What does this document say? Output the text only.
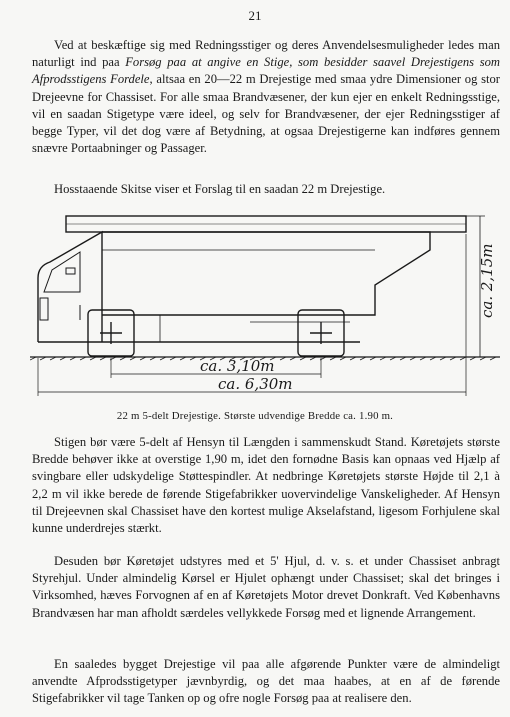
21

Ved at beskæftige sig med Redningsstiger og deres Anvendelsesmuligheder ledes man naturligt ind paa Forsøg paa at angive en Stige, som besidder saavel Drejestigens som Afprodsstigens Fordele, altsaa en 20—22 m Drejestige med smaa ydre Dimensioner og stor Drejeevne for Chassiset. For alle smaa Brandvæsener, der kun ejer en enkelt Redningsstige, vil en saadan Stigetype være ideel, og selv for Brandvæsener, der ejer Redningsstiger af begge Typer, vil det dog være af Betydning, at ogsaa Drejestigerne kan indføres gennem snævre Portaabninger og Passager.

Hosstaaende Skitse viser et Forslag til en saadan 22 m Drejestige.

ca. 3,10m
ca. 6,30m
ca. 2,15m
22 m 5-delt Drejestige. Største udvendige Bredde ca. 1.90 m.

Stigen bør være 5-delt af Hensyn til Længden i sammenskudt Stand. Køretøjets største Bredde behøver ikke at overstige 1,90 m, idet den fornødne Basis kan opnaas ved Hjælp af svingbare eller udskydelige Støttespindler. At nedbringe Køretøjets største Højde til 2,1 à 2,2 m vil ikke berede de førende Stigefabrikker uovervindelige Vanskeligheder. Af Hensyn til Drejeevnen skal Chassiset have den kortest mulige Akselafstand, ligesom Forhjulene skal kunne underdrejes stærkt.

Desuden bør Køretøjet udstyres med et 5' Hjul, d. v. s. et under Chassiset anbragt Styrehjul. Under almindelig Kørsel er Hjulet ophængt under Chassiset; skal det bringes i Virksomhed, hæves Forvognen af en af Køretøjets Motor drevet Donkraft. Ved Københavns Brandvæsen har man afholdt særdeles vellykkede Forsøg med et lignende Arrangement.

En saaledes bygget Drejestige vil paa alle afgørende Punkter være de almindeligt anvendte Afprodsstigetyper jævnbyrdig, og det maa haabes, at en af de førende Stigefabrikker vil tage Tanken op og ofre nogle Forsøg paa at realisere den.
